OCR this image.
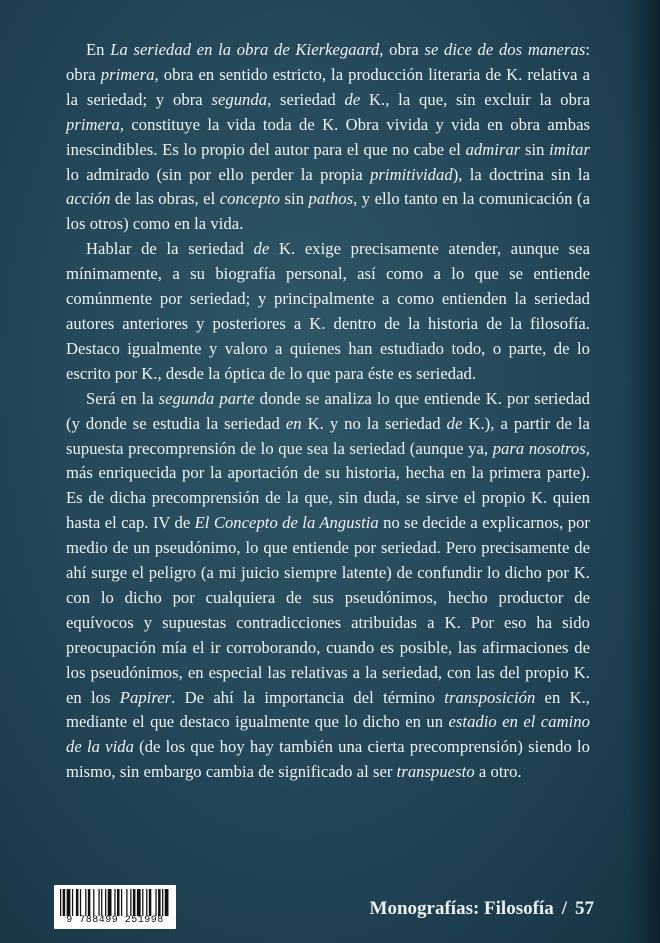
En La seriedad en la obra de Kierkegaard, obra se dice de dos maneras: obra primera, obra en sentido estricto, la producción literaria de K. relativa a la seriedad; y obra segunda, seriedad de K., la que, sin excluir la obra primera, constituye la vida toda de K. Obra vivida y vida en obra ambas inescindibles. Es lo propio del autor para el que no cabe el admirar sin imitar lo admirado (sin por ello perder la propia primitividad), la doctrina sin la acción de las obras, el concepto sin pathos, y ello tanto en la comunicación (a los otros) como en la vida.

Hablar de la seriedad de K. exige precisamente atender, aunque sea mínimamente, a su biografía personal, así como a lo que se entiende comúnmente por seriedad; y principalmente a como entienden la seriedad autores anteriores y posteriores a K. dentro de la historia de la filosofía. Destaco igualmente y valoro a quienes han estudiado todo, o parte, de lo escrito por K., desde la óptica de lo que para éste es seriedad.

Será en la segunda parte donde se analiza lo que entiende K. por seriedad (y donde se estudia la seriedad en K. y no la seriedad de K.), a partir de la supuesta precomprensión de lo que sea la seriedad (aunque ya, para nosotros, más enriquecida por la aportación de su historia, hecha en la primera parte). Es de dicha precomprensión de la que, sin duda, se sirve el propio K. quien hasta el cap. IV de El Concepto de la Angustia no se decide a explicarnos, por medio de un pseudónimo, lo que entiende por seriedad. Pero precisamente de ahí surge el peligro (a mi juicio siempre latente) de confundir lo dicho por K. con lo dicho por cualquiera de sus pseudónimos, hecho productor de equívocos y supuestas contradicciones atribuidas a K. Por eso ha sido preocupación mía el ir corroborando, cuando es posible, las afirmaciones de los pseudónimos, en especial las relativas a la seriedad, con las del propio K. en los Papirer. De ahí la importancia del término transposición en K., mediante el que destaco igualmente que lo dicho en un estadio en el camino de la vida (de los que hoy hay también una cierta precomprensión) siendo lo mismo, sin embargo cambia de significado al ser transpuesto a otro.

9 788499 251998
Monografías: Filosofía / 57
